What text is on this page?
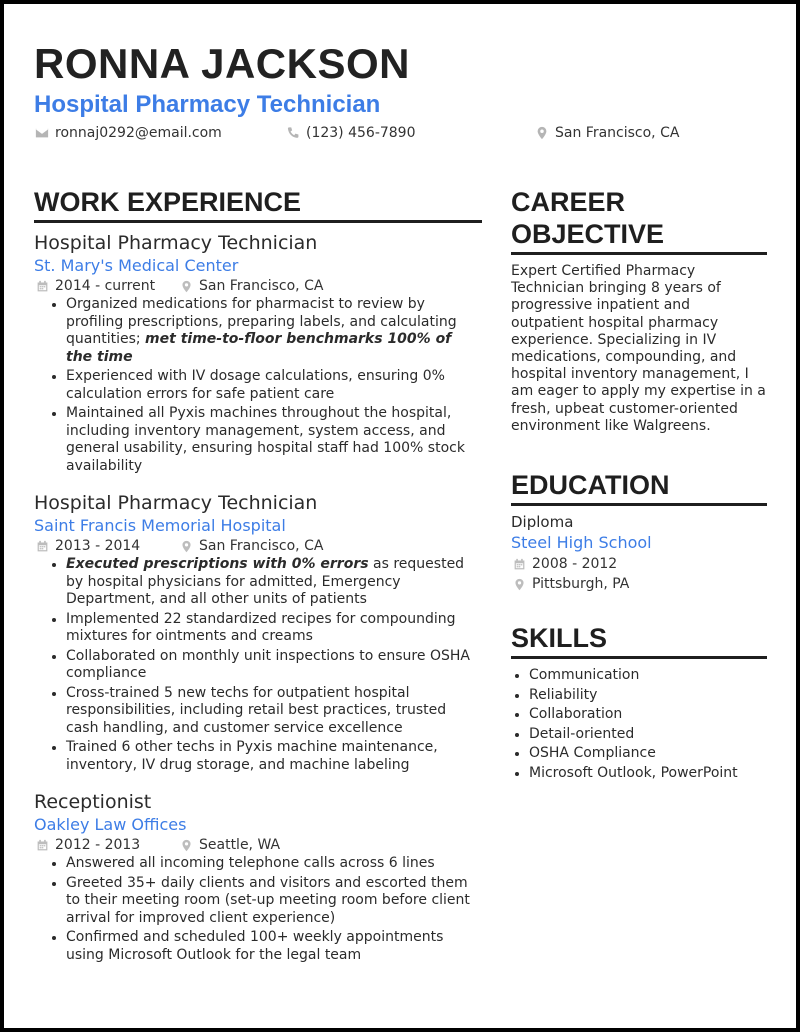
RONNA JACKSON
Hospital Pharmacy Technician
ronnaj0292@email.com	(123) 456-7890	San Francisco, CA
WORK EXPERIENCE
Hospital Pharmacy Technician
St. Mary's Medical Center
2014 - current	San Francisco, CA
• Organized medications for pharmacist to review by profiling prescriptions, preparing labels, and calculating quantities; met time-to-floor benchmarks 100% of the time
• Experienced with IV dosage calculations, ensuring 0% calculation errors for safe patient care
• Maintained all Pyxis machines throughout the hospital, including inventory management, system access, and general usability, ensuring hospital staff had 100% stock availability
Hospital Pharmacy Technician
Saint Francis Memorial Hospital
2013 - 2014	San Francisco, CA
• Executed prescriptions with 0% errors as requested by hospital physicians for admitted, Emergency Department, and all other units of patients
• Implemented 22 standardized recipes for compounding mixtures for ointments and creams
• Collaborated on monthly unit inspections to ensure OSHA compliance
• Cross-trained 5 new techs for outpatient hospital responsibilities, including retail best practices, trusted cash handling, and customer service excellence
• Trained 6 other techs in Pyxis machine maintenance, inventory, IV drug storage, and machine labeling
Receptionist
Oakley Law Offices
2012 - 2013	Seattle, WA
• Answered all incoming telephone calls across 6 lines
• Greeted 35+ daily clients and visitors and escorted them to their meeting room (set-up meeting room before client arrival for improved client experience)
• Confirmed and scheduled 100+ weekly appointments using Microsoft Outlook for the legal team
CAREER
OBJECTIVE
Expert Certified Pharmacy Technician bringing 8 years of progressive inpatient and outpatient hospital pharmacy experience. Specializing in IV medications, compounding, and hospital inventory management, I am eager to apply my expertise in a fresh, upbeat customer-oriented environment like Walgreens.
EDUCATION
Diploma
Steel High School
2008 - 2012
Pittsburgh, PA
SKILLS
• Communication
• Reliability
• Collaboration
• Detail-oriented
• OSHA Compliance
• Microsoft Outlook, PowerPoint
